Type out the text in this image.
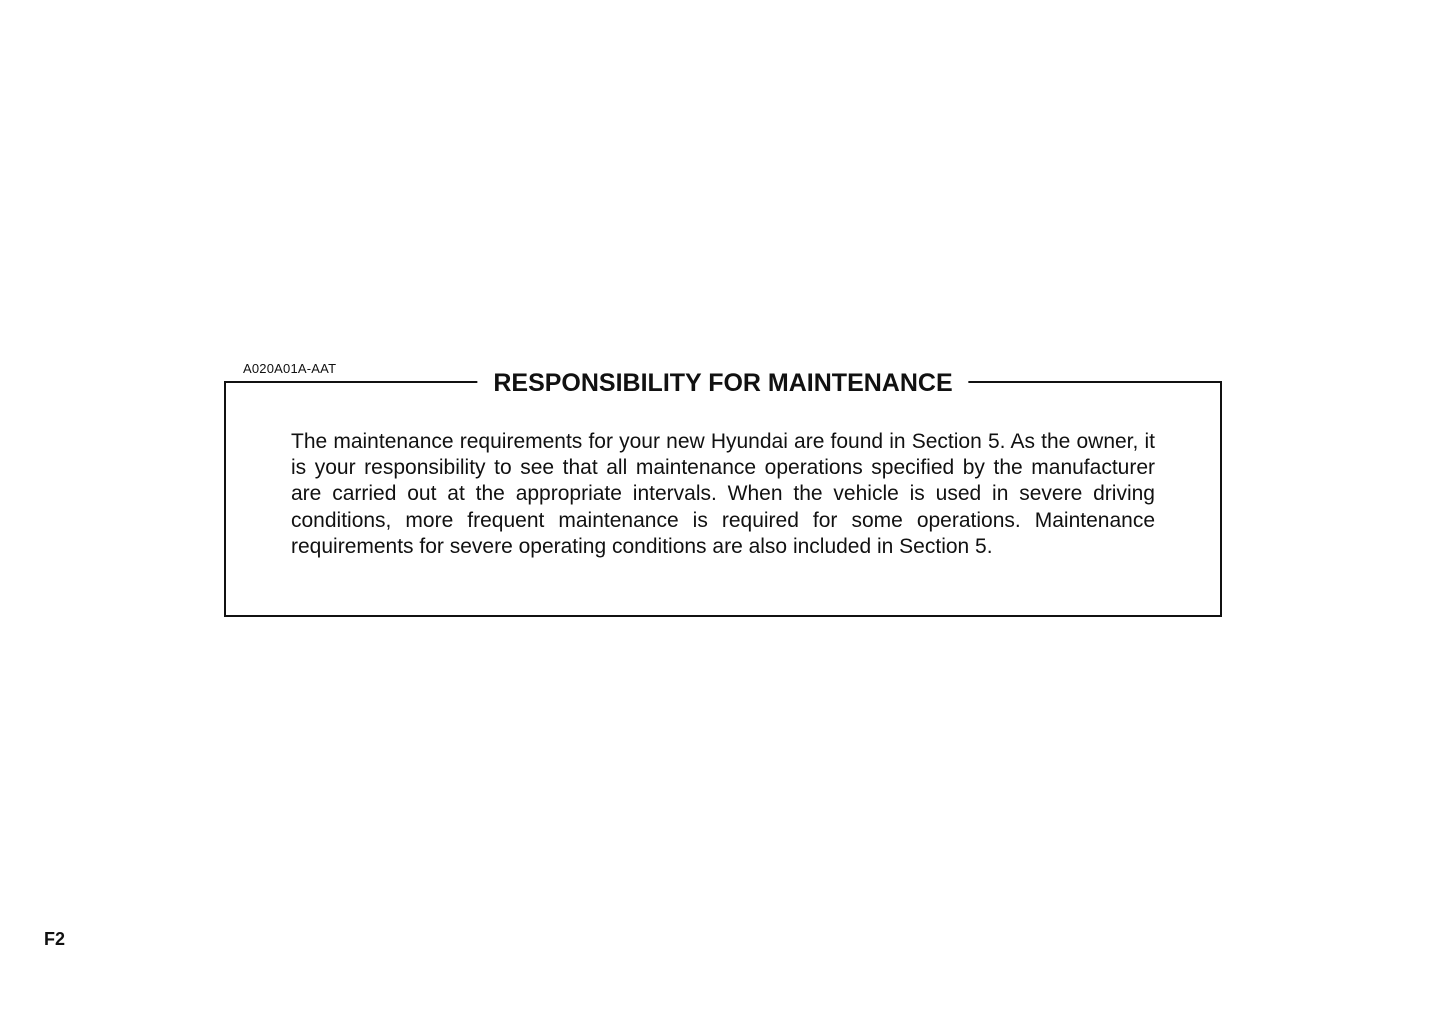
A020A01A-AAT
RESPONSIBILITY FOR MAINTENANCE

The maintenance requirements for your new Hyundai are found in Section 5. As the owner, it is your responsibility to see that all maintenance operations specified by the manufacturer are carried out at the appropriate intervals. When the vehicle is used in severe driving conditions, more frequent maintenance is required for some operations. Maintenance requirements for severe operating conditions are also included in Section 5.

F2
